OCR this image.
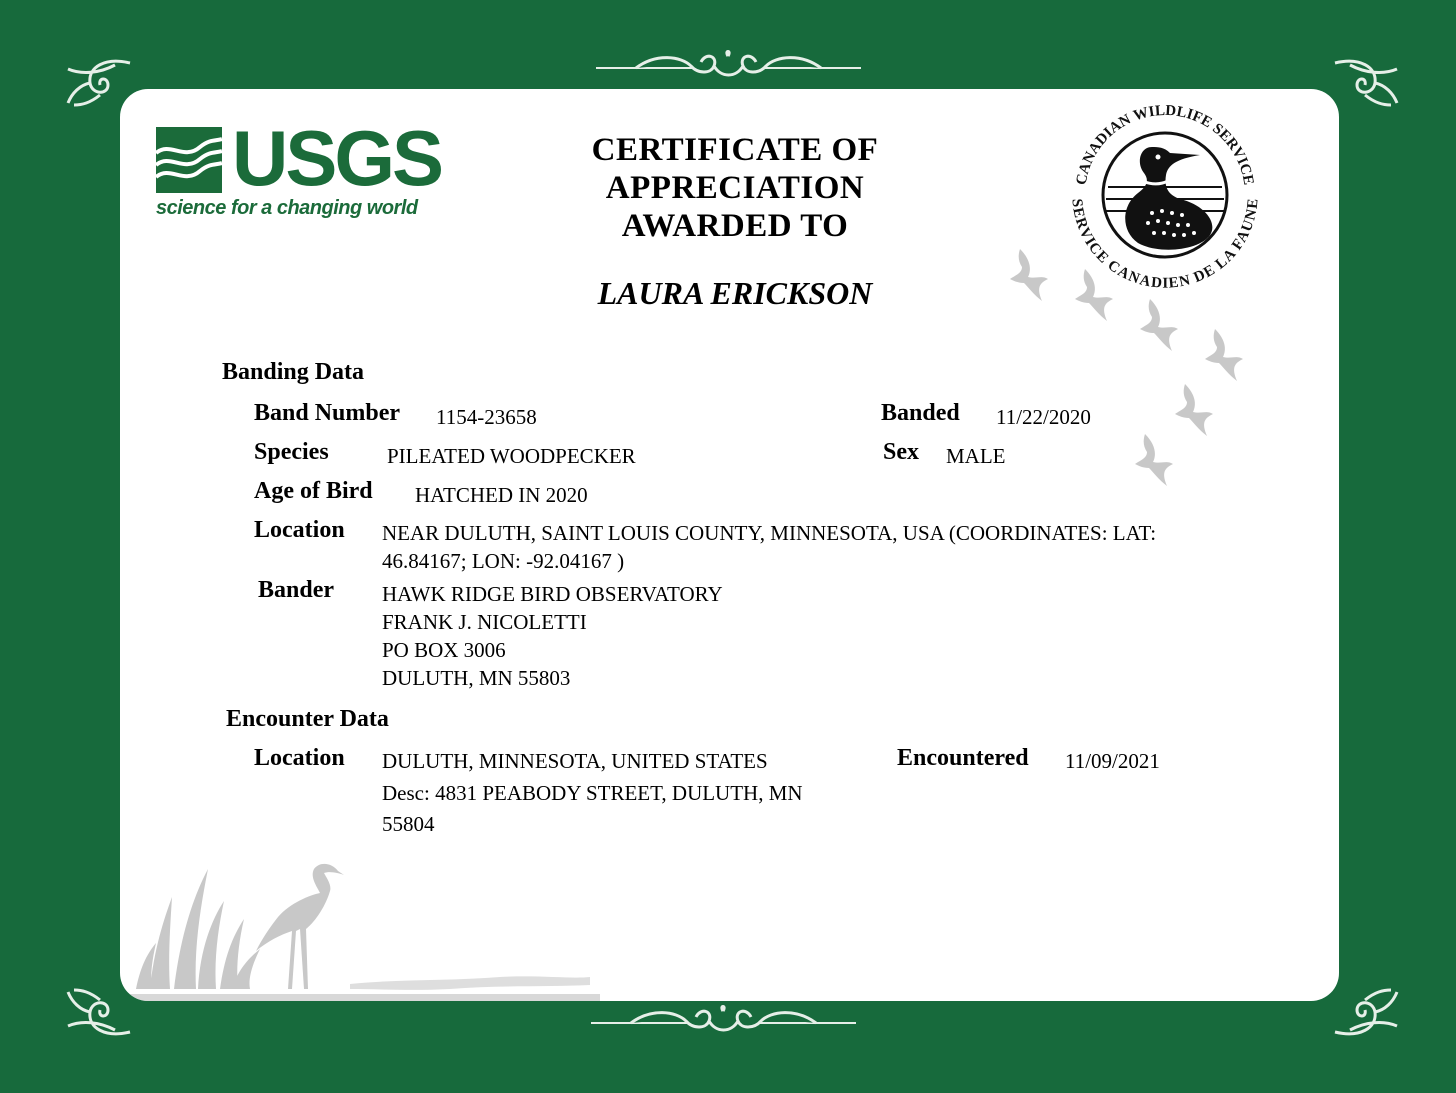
USGS
science for a changing world
CERTIFICATE OF APPRECIATION
AWARDED TO
LAURA ERICKSON
CANADIAN WILDLIFE SERVICE
SERVICE CANADIEN DE LA FAUNE
Banding Data
Band Number 1154-23658	Banded 11/22/2020
Species	PILEATED WOODPECKER	Sex MALE
Age of Bird HATCHED IN 2020
Location NEAR DULUTH, SAINT LOUIS COUNTY, MINNESOTA, USA (COORDINATES: LAT:
46.84167; LON: -92.04167 )
Bander HAWK RIDGE BIRD OBSERVATORY
FRANK J. NICOLETTI
PO BOX 3006
DULUTH, MN 55803
Encounter Data
Location DULUTH, MINNESOTA, UNITED STATES
Desc: 4831 PEABODY STREET, DULUTH, MN
55804
Encountered 11/09/2021
